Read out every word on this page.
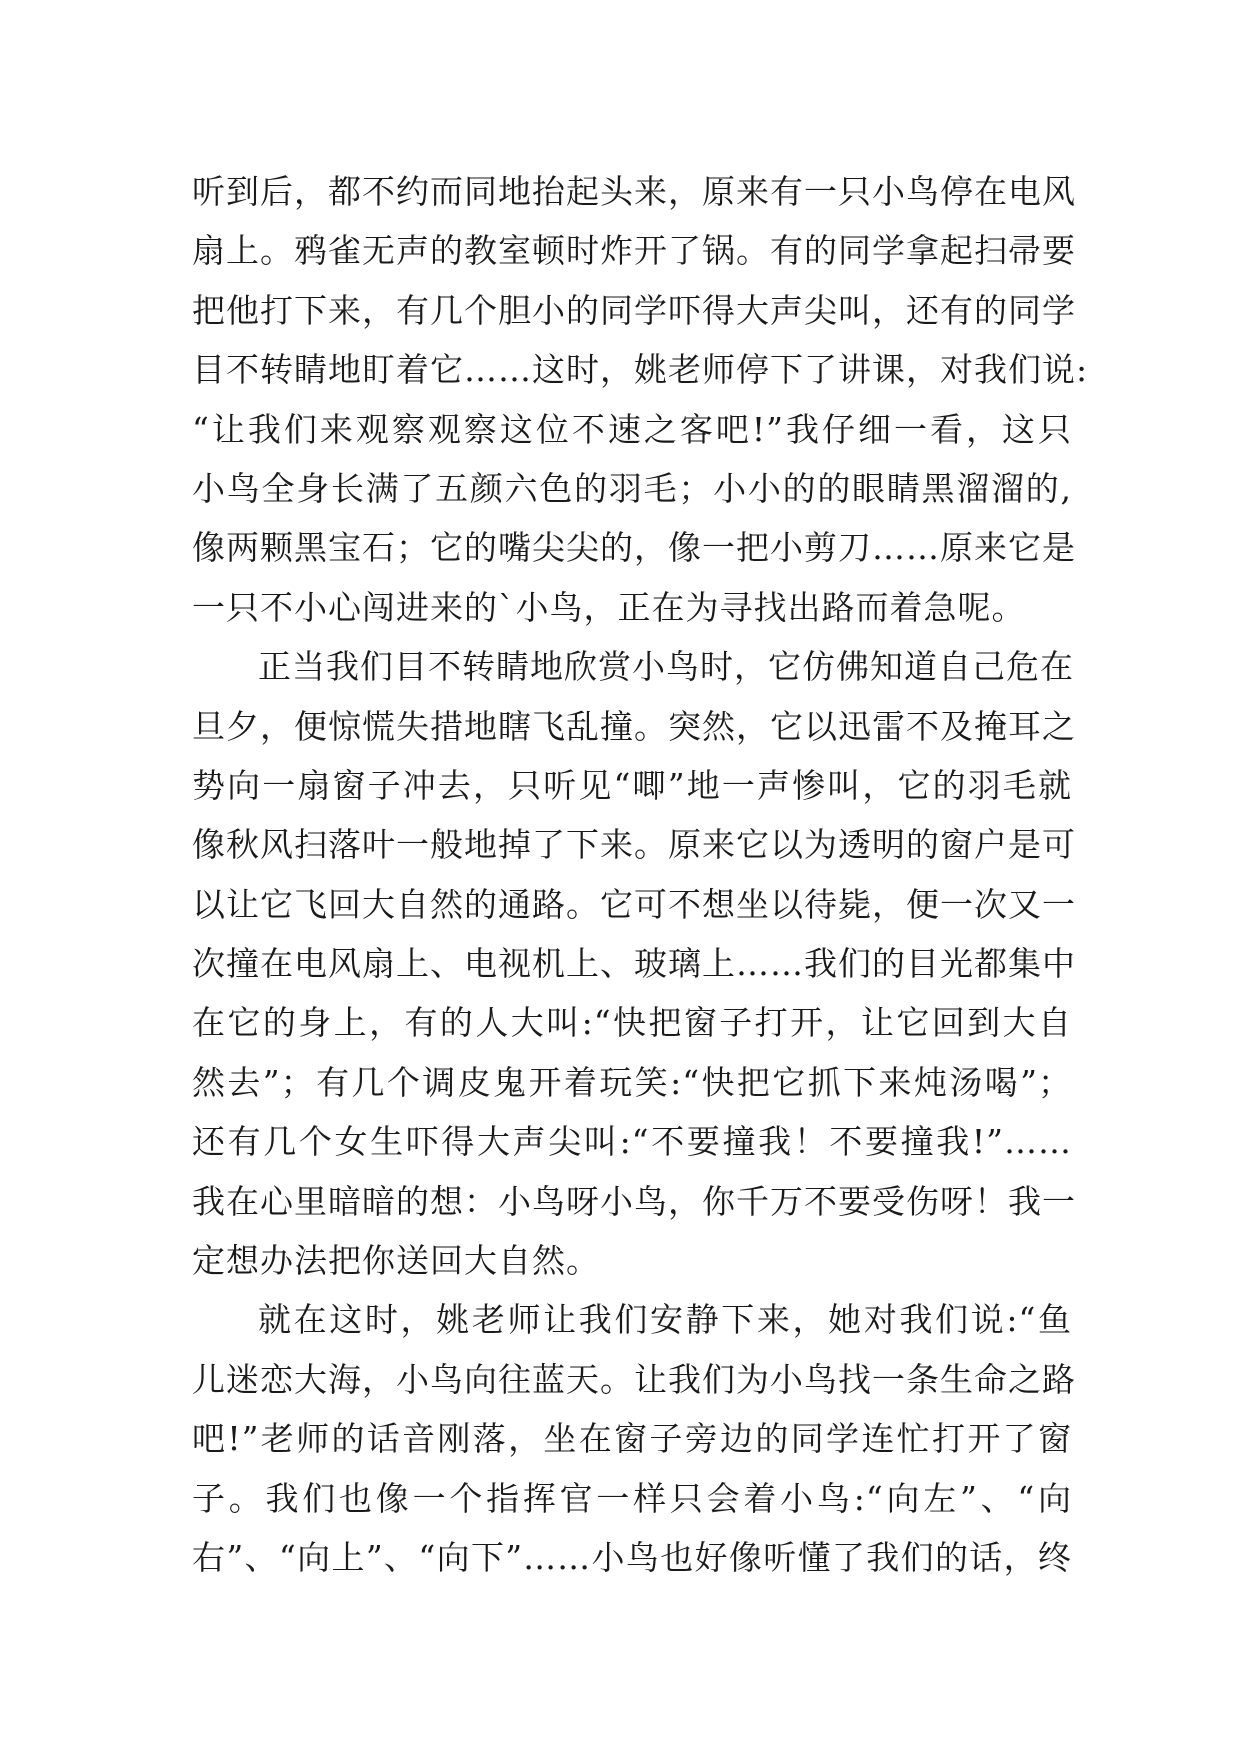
听到后，都不约而同地抬起头来，原来有一只小鸟停在电风
扇上。鸦雀无声的教室顿时炸开了锅。有的同学拿起扫帚要
把他打下来，有几个胆小的同学吓得大声尖叫，还有的同学
目不转睛地盯着它……这时，姚老师停下了讲课，对我们说:
“让我们来观察观察这位不速之客吧!”我仔细一看，这只
小鸟全身长满了五颜六色的羽毛；小小的的眼睛黑溜溜的,
像两颗黑宝石；它的嘴尖尖的，像一把小剪刀……原来它是
一只不小心闯进来的`小鸟，正在为寻找出路而着急呢。
正当我们目不转睛地欣赏小鸟时，它仿佛知道自己危在
旦夕，便惊慌失措地瞎飞乱撞。突然，它以迅雷不及掩耳之
势向一扇窗子冲去，只听见“唧”地一声惨叫，它的羽毛就
像秋风扫落叶一般地掉了下来。原来它以为透明的窗户是可
以让它飞回大自然的通路。它可不想坐以待毙，便一次又一
次撞在电风扇上、电视机上、玻璃上……我们的目光都集中
在它的身上，有的人大叫:“快把窗子打开，让它回到大自
然去”；有几个调皮鬼开着玩笑:“快把它抓下来炖汤喝”；
还有几个女生吓得大声尖叫:“不要撞我！不要撞我!”……
我在心里暗暗的想：小鸟呀小鸟，你千万不要受伤呀！我一
定想办法把你送回大自然。
就在这时，姚老师让我们安静下来，她对我们说:“鱼
儿迷恋大海，小鸟向往蓝天。让我们为小鸟找一条生命之路
吧!”老师的话音刚落，坐在窗子旁边的同学连忙打开了窗
子。我们也像一个指挥官一样只会着小鸟:“向左”、“向
右”、“向上”、“向下”……小鸟也好像听懂了我们的话，终
